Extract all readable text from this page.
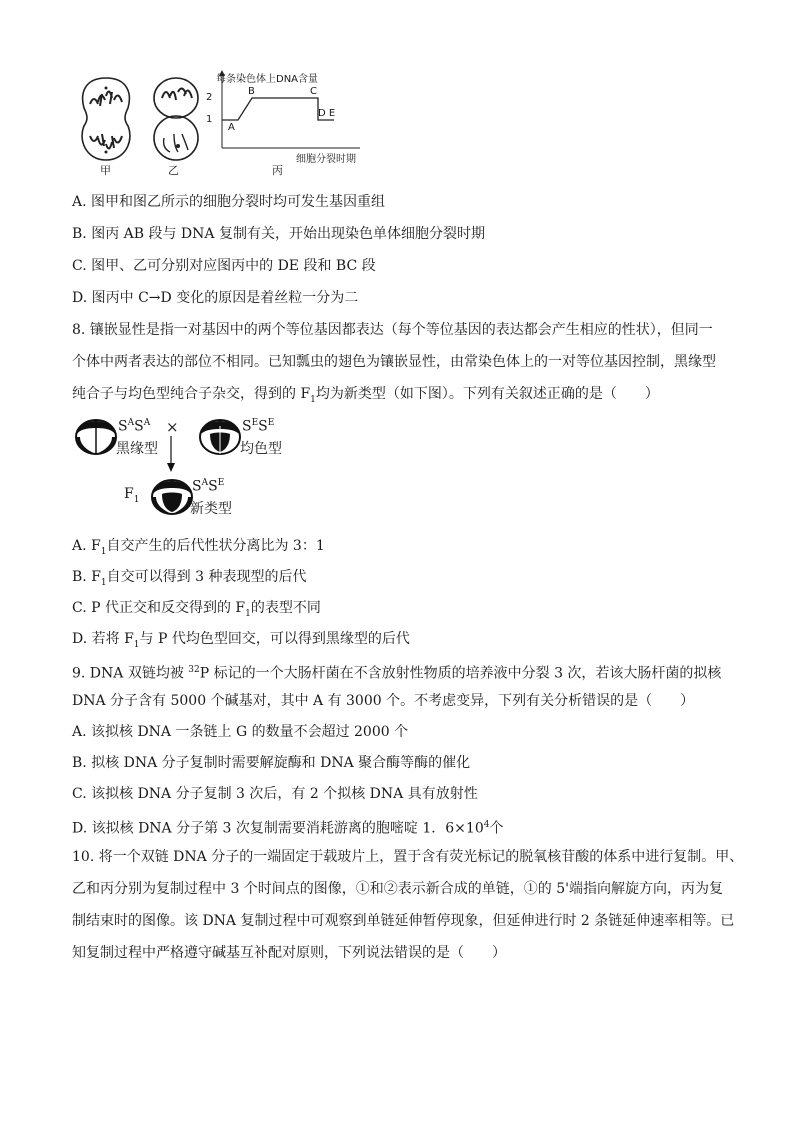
甲	乙
每条染色体上DNA含量
2
1
A
B	C
D E
细胞分裂时期
丙
A. 图甲和图乙所示的细胞分裂时均可发生基因重组
B. 图丙 AB 段与 DNA 复制有关，开始出现染色单体细胞分裂时期
C. 图甲、乙可分别对应图丙中的 DE 段和 BC 段
D. 图丙中 C→D 变化的原因是着丝粒一分为二
8. 镶嵌显性是指一对基因中的两个等位基因都表达（每个等位基因的表达都会产生相应的性状），但同一
个体中两者表达的部位不相同。已知瓢虫的翅色为镶嵌显性，由常染色体上的一对等位基因控制，黑缘型
纯合子与均色型纯合子杂交，得到的 $F_1$均为新类型（如下图）。下列有关叙述正确的是（　　）
$S^AS^A$
黑缘型
×	$S^ES^E$
均色型
$F_1$
$S^AS^E$
新类型
A. $F_1$自交产生的后代性状分离比为 3：1
B. $F_1$自交可以得到 3 种表现型的后代
C. P 代正交和反交得到的 $F_1$的表型不同
D. 若将 $F_1$与 P 代均色型回交，可以得到黑缘型的后代
9. DNA 双链均被 $^{32}$P 标记的一个大肠杆菌在不含放射性物质的培养液中分裂 3 次，若该大肠杆菌的拟核
DNA 分子含有 5000 个碱基对，其中 A 有 3000 个。不考虑变异，下列有关分析错误的是（　　）
A. 该拟核 DNA 一条链上 G 的数量不会超过 2000 个
B. 拟核 DNA 分子复制时需要解旋酶和 DNA 聚合酶等酶的催化
C. 该拟核 DNA 分子复制 3 次后，有 2 个拟核 DNA 具有放射性
D. 该拟核 DNA 分子第 3 次复制需要消耗游离的胞嘧啶 1．$6\times 10^4$个
10. 将一个双链 DNA 分子的一端固定于载玻片上，置于含有荧光标记的脱氧核苷酸的体系中进行复制。甲、
乙和丙分别为复制过程中 3 个时间点的图像，①和②表示新合成的单链，①的 5'端指向解旋方向，丙为复
制结束时的图像。该 DNA 复制过程中可观察到单链延伸暂停现象，但延伸进行时 2 条链延伸速率相等。已
知复制过程中严格遵守碱基互补配对原则，下列说法错误的是（　　）
